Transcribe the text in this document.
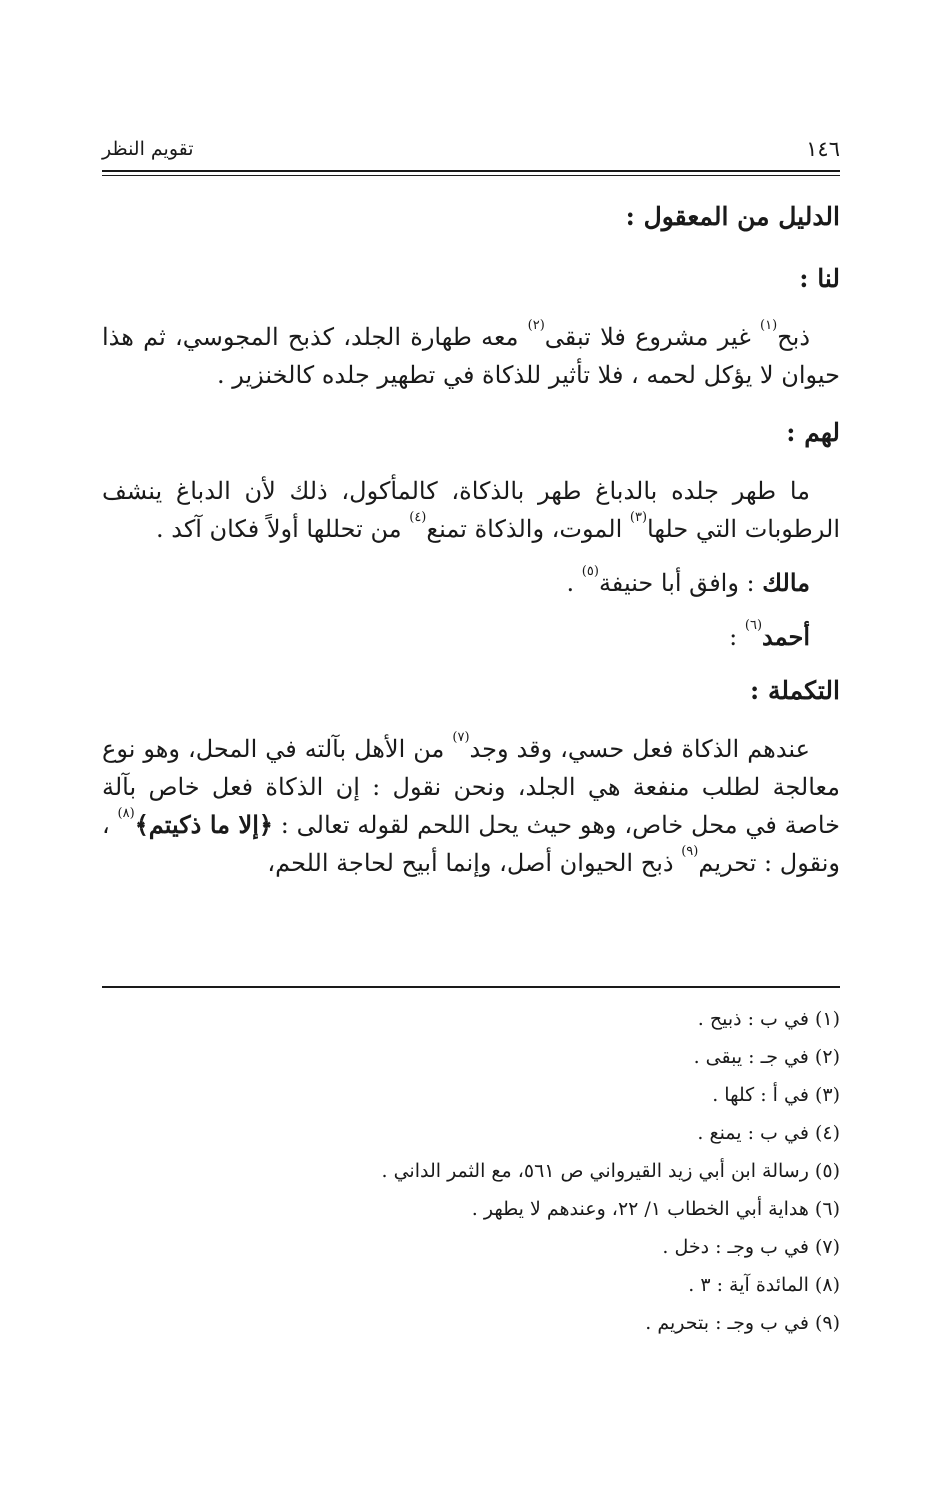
١٤٦
تقويم النظر

الدليل من المعقول :

لنا :

ذبح$^{(١)}$ غير مشروع فلا تبقى$^{(٢)}$ معه طهارة الجلد، كذبح المجوسي، ثم هذا حيوان لا يؤكل لحمه ، فلا تأثير للذكاة في تطهير جلده كالخنزير .

لهم :

ما طهر جلده بالدباغ طهر بالذكاة، كالمأكول، ذلك لأن الدباغ ينشف الرطوبات التي حلها$^{(٣)}$ الموت، والذكاة تمنع$^{(٤)}$ من تحللها أولاً فكان آكد .

مالك : وافق أبا حنيفة$^{(٥)}$ .

أحمد$^{(٦)}$ :

التكملة :

عندهم الذكاة فعل حسي، وقد وجد$^{(٧)}$ من الأهل بآلته في المحل، وهو نوع معالجة لطلب منفعة هي الجلد، ونحن نقول : إن الذكاة فعل خاص بآلة خاصة في محل خاص، وهو حيث يحل اللحم لقوله تعالى : ﴿إلا ما ذكيتم﴾$^{(٨)}$ ، ونقول : تحريم$^{(٩)}$ ذبح الحيوان أصل، وإنما أبيح لحاجة اللحم،

(١) في ب : ذبيح .
(٢) في جـ : يبقى .
(٣) في أ : كلها .
(٤) في ب : يمنع .
(٥) رسالة ابن أبي زيد القيرواني ص ٥٦١، مع الثمر الداني .
(٦) هداية أبي الخطاب ١/ ٢٢، وعندهم لا يطهر .
(٧) في ب وجـ : دخل .
(٨) المائدة آية : ٣ .
(٩) في ب وجـ : بتحريم .
